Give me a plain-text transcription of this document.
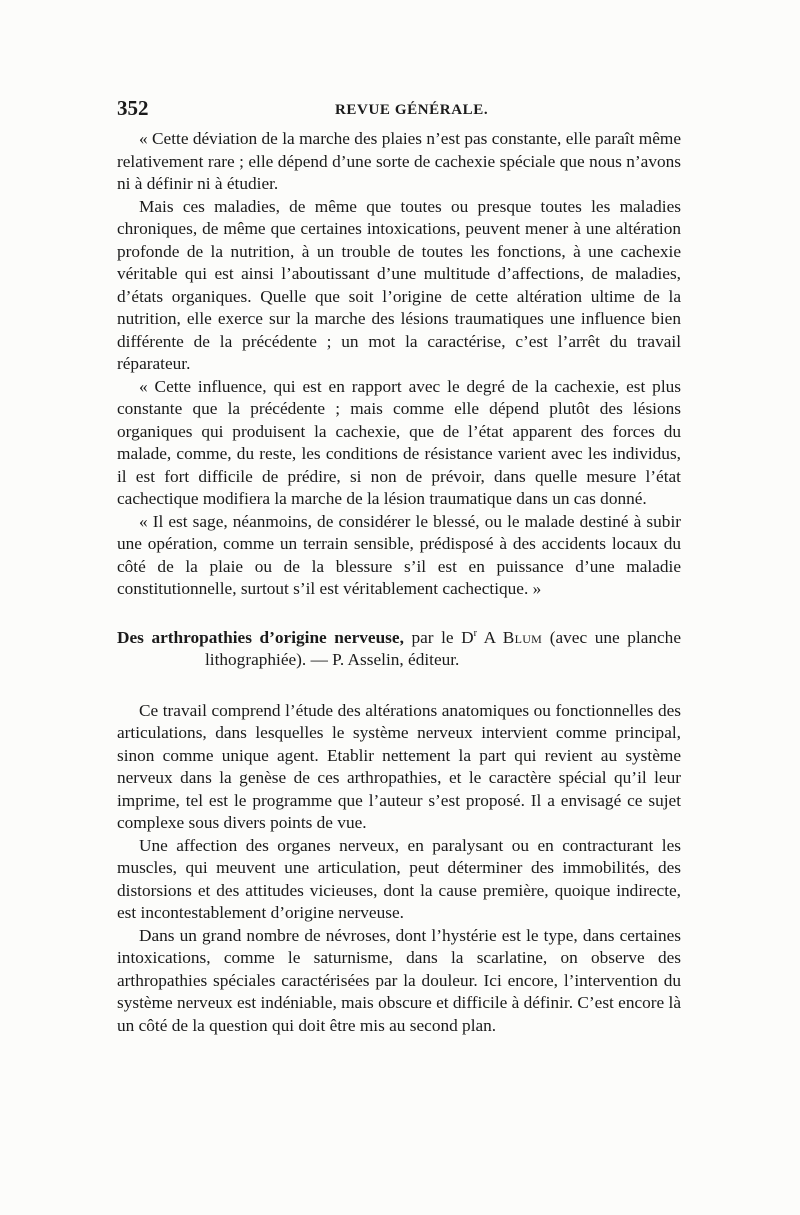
352	REVUE GÉNÉRALE.

« Cette déviation de la marche des plaies n’est pas constante, elle paraît même relativement rare ; elle dépend d’une sorte de cachexie spéciale que nous n’avons ni à définir ni à étudier.

Mais ces maladies, de même que toutes ou presque toutes les maladies chroniques, de même que certaines intoxications, peuvent mener à une altération profonde de la nutrition, à un trouble de toutes les fonctions, à une cachexie véritable qui est ainsi l’aboutissant d’une multitude d’affections, de maladies, d’états organiques. Quelle que soit l’origine de cette altération ultime de la nutrition, elle exerce sur la marche des lésions traumatiques une influence bien différente de la précédente ; un mot la caractérise, c’est l’arrêt du travail réparateur.

« Cette influence, qui est en rapport avec le degré de la cachexie, est plus constante que la précédente ; mais comme elle dépend plutôt des lésions organiques qui produisent la cachexie, que de l’état apparent des forces du malade, comme, du reste, les conditions de résistance varient avec les individus, il est fort difficile de prédire, si non de prévoir, dans quelle mesure l’état cachectique modifiera la marche de la lésion traumatique dans un cas donné.

« Il est sage, néanmoins, de considérer le blessé, ou le malade destiné à subir une opération, comme un terrain sensible, prédisposé à des accidents locaux du côté de la plaie ou de la blessure s’il est en puissance d’une maladie constitutionnelle, surtout s’il est véritablement cachectique. »

Des arthropathies d’origine nerveuse, par le $D^r$ A Blum (avec une planche lithographiée). — P. Asselin, éditeur.

Ce travail comprend l’étude des altérations anatomiques ou fonctionnelles des articulations, dans lesquelles le système nerveux intervient comme principal, sinon comme unique agent. Etablir nettement la part qui revient au système nerveux dans la genèse de ces arthropathies, et le caractère spécial qu’il leur imprime, tel est le programme que l’auteur s’est proposé. Il a envisagé ce sujet complexe sous divers points de vue.

Une affection des organes nerveux, en paralysant ou en contracturant les muscles, qui meuvent une articulation, peut déterminer des immobilités, des distorsions et des attitudes vicieuses, dont la cause première, quoique indirecte, est incontestablement d’origine nerveuse.

Dans un grand nombre de névroses, dont l’hystérie est le type, dans certaines intoxications, comme le saturnisme, dans la scarlatine, on observe des arthropathies spéciales caractérisées par la douleur. Ici encore, l’intervention du système nerveux est indéniable, mais obscure et difficile à définir. C’est encore là un côté de la question qui doit être mis au second plan.
